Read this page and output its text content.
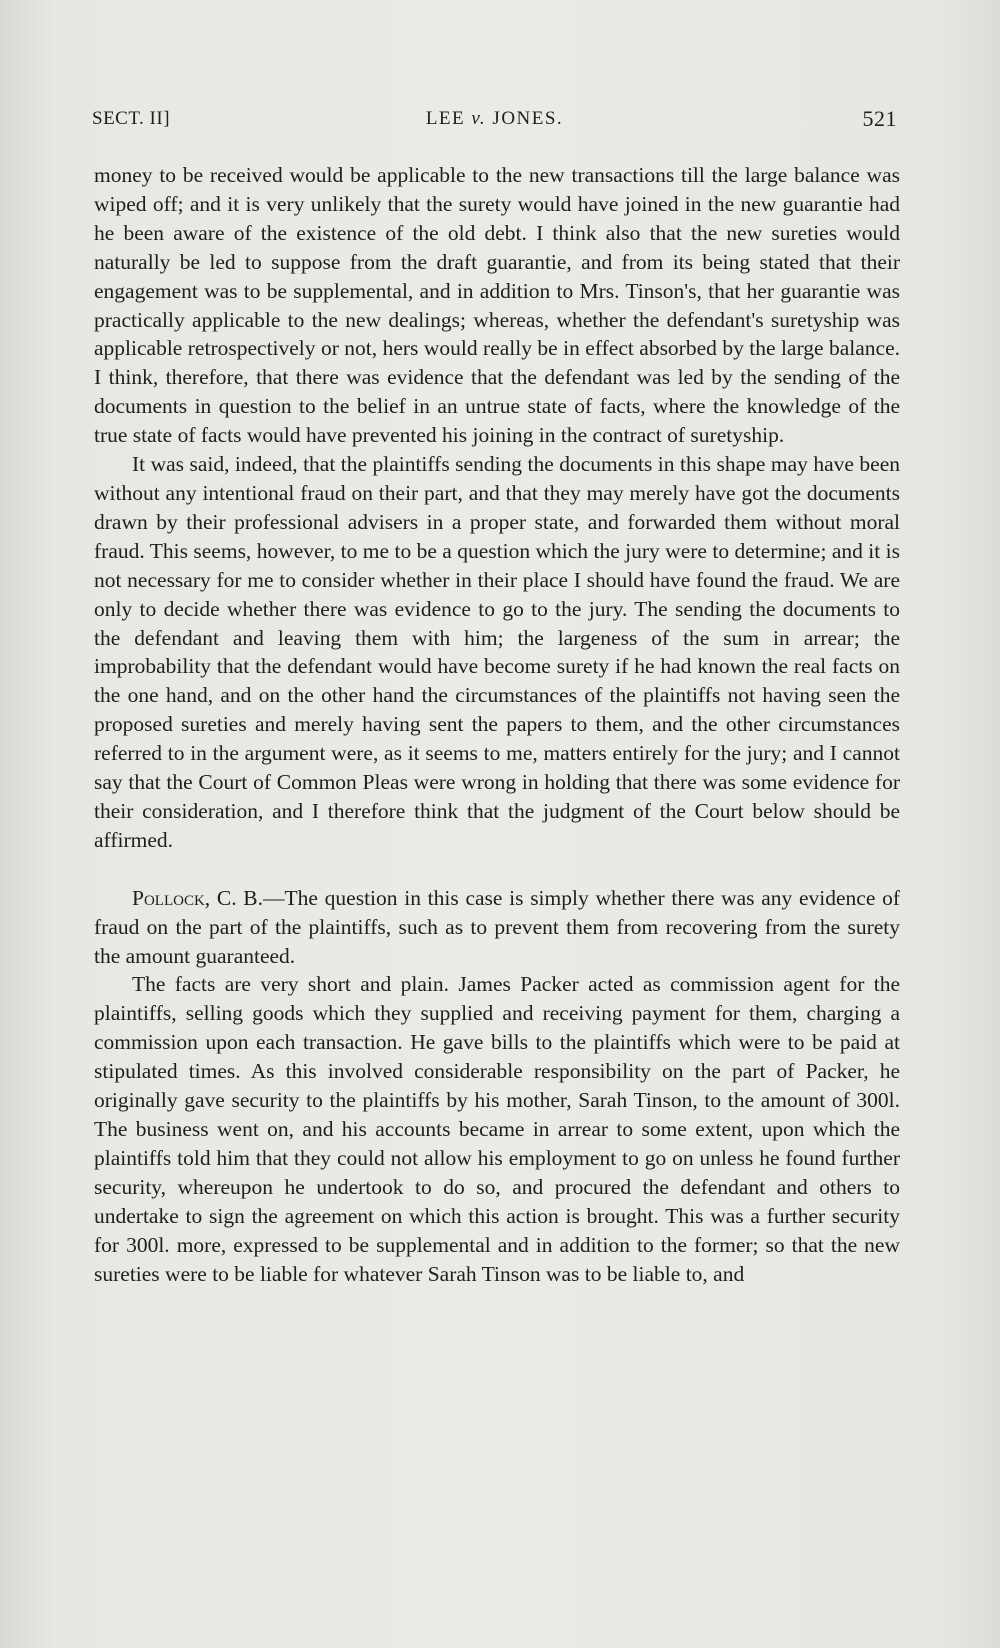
SECT. II]	LEE v. JONES.	521

money to be received would be applicable to the new transactions till the large balance was wiped off; and it is very unlikely that the surety would have joined in the new guarantie had he been aware of the existence of the old debt. I think also that the new sureties would naturally be led to suppose from the draft guarantie, and from its being stated that their engagement was to be supplemental, and in addition to Mrs. Tinson's, that her guarantie was practically applicable to the new dealings; whereas, whether the defendant's suretyship was applicable retrospectively or not, hers would really be in effect absorbed by the large balance. I think, therefore, that there was evidence that the defendant was led by the sending of the documents in question to the belief in an untrue state of facts, where the knowledge of the true state of facts would have prevented his joining in the contract of suretyship.

It was said, indeed, that the plaintiffs sending the documents in this shape may have been without any intentional fraud on their part, and that they may merely have got the documents drawn by their professional advisers in a proper state, and forwarded them without moral fraud. This seems, however, to me to be a question which the jury were to determine; and it is not necessary for me to consider whether in their place I should have found the fraud. We are only to decide whether there was evidence to go to the jury. The sending the documents to the defendant and leaving them with him; the largeness of the sum in arrear; the improbability that the defendant would have become surety if he had known the real facts on the one hand, and on the other hand the circumstances of the plaintiffs not having seen the proposed sureties and merely having sent the papers to them, and the other circumstances referred to in the argument were, as it seems to me, matters entirely for the jury; and I cannot say that the Court of Common Pleas were wrong in holding that there was some evidence for their consideration, and I therefore think that the judgment of the Court below should be affirmed.

Pollock, C. B.—The question in this case is simply whether there was any evidence of fraud on the part of the plaintiffs, such as to prevent them from recovering from the surety the amount guaranteed.

The facts are very short and plain. James Packer acted as commission agent for the plaintiffs, selling goods which they supplied and receiving payment for them, charging a commission upon each transaction. He gave bills to the plaintiffs which were to be paid at stipulated times. As this involved considerable responsibility on the part of Packer, he originally gave security to the plaintiffs by his mother, Sarah Tinson, to the amount of 300l. The business went on, and his accounts became in arrear to some extent, upon which the plaintiffs told him that they could not allow his employment to go on unless he found further security, whereupon he undertook to do so, and procured the defendant and others to undertake to sign the agreement on which this action is brought. This was a further security for 300l. more, expressed to be supplemental and in addition to the former; so that the new sureties were to be liable for whatever Sarah Tinson was to be liable to, and
